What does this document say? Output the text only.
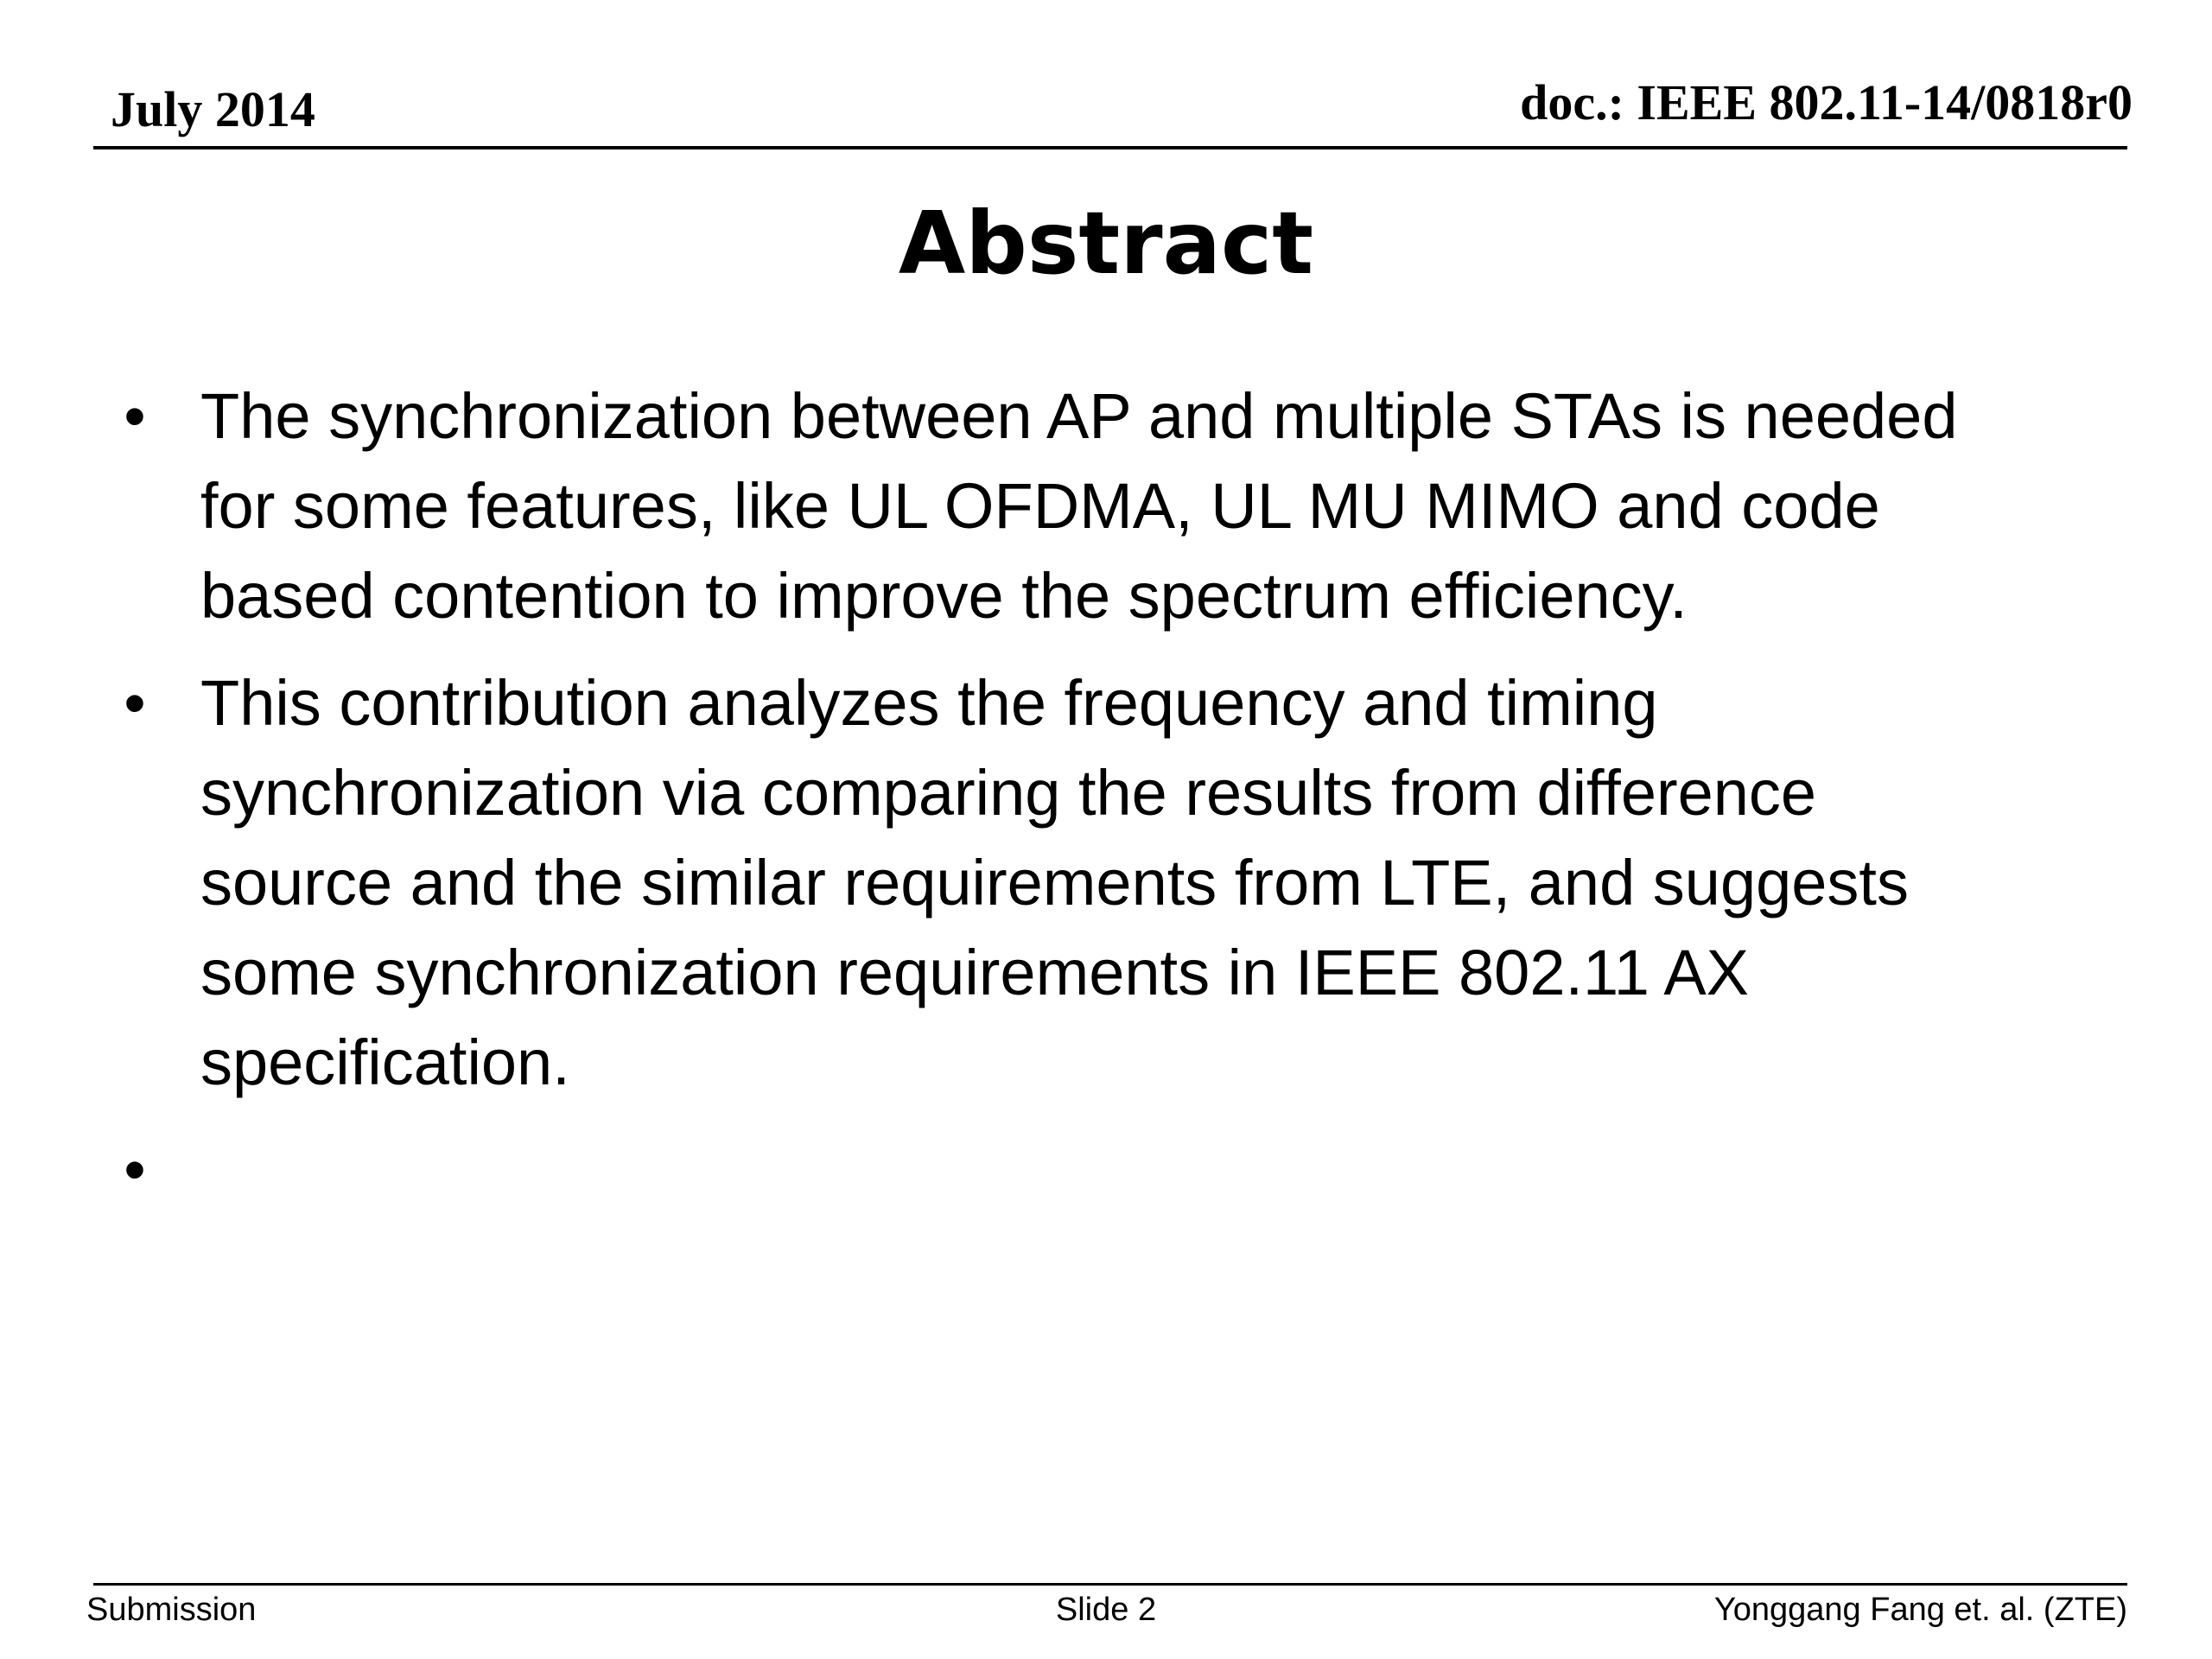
July 2014	doc.: IEEE 802.11-14/0818r0
Abstract
• The synchronization between AP and multiple STAs is needed
for some features, like UL OFDMA, UL MU MIMO and code
based contention to improve the spectrum efficiency.
• This contribution analyzes the frequency and timing
synchronization via comparing the results from difference
source and the similar requirements from LTE, and suggests
some synchronization requirements in IEEE 802.11 AX
specification.
•
Submission	Slide 2	Yonggang Fang et. al. (ZTE)
